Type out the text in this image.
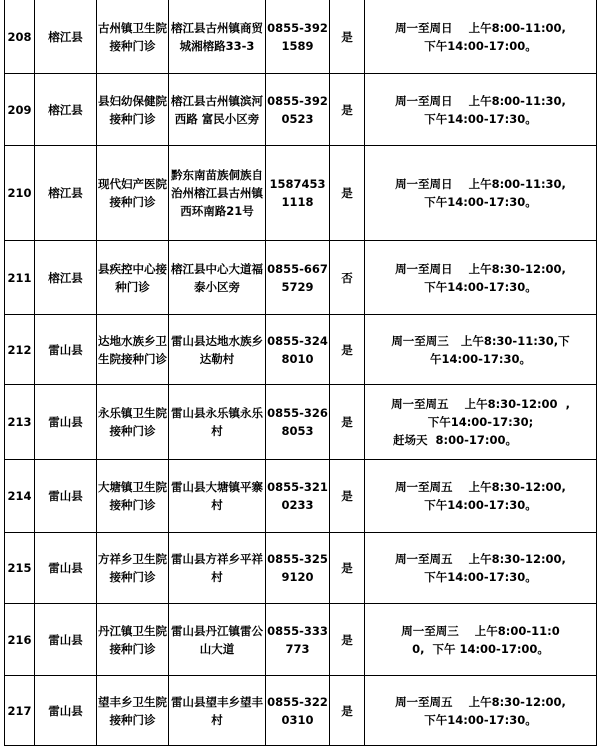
208	榕江县	古州镇卫生院接种门诊	榕江县古州镇商贸城湘榕路33-3	0855-3921589	是	周一至周日    上午8:00-11:00,
下午14:00-17:00。

209	榕江县	县妇幼保健院接种门诊	榕江县古州镇滨河西路 富民小区旁	0855-3920523	是	周一至周日    上午8:00-11:30,
下午14:00-17:30。

210	榕江县	现代妇产医院接种门诊	黔东南苗族侗族自治州榕江县古州镇西环南路21号	15874531118	是	周一至周日    上午8:00-11:30,
下午14:00-17:30。

211	榕江县	县疾控中心接种门诊	榕江县中心大道福泰小区旁	0855-6675729	否	周一至周日    上午8:30-12:00,
下午14:00-17:30。

212	雷山县	达地水族乡卫生院接种门诊	雷山县达地水族乡达勒村	0855-3248010	是	周一至周三   上午8:30-11:30,下
午14:00-17:30。

213	雷山县	永乐镇卫生院接种门诊	雷山县永乐镇永乐村	0855-3268053	是	周一至周五    上午8:30-12:00  ,
下午14:00-17:30;
赶场天  8:00-17:00。

214	雷山县	大塘镇卫生院接种门诊	雷山县大塘镇平寨村	0855-3210233	是	周一至周五    上午8:30-12:00,
下午14:00-17:30。

215	雷山县	方祥乡卫生院接种门诊	雷山县方祥乡平祥村	0855-3259120	是	周一至周五    上午8:30-12:00,
下午14:00-17:30。

216	雷山县	丹江镇卫生院接种门诊	雷山县丹江镇雷公山大道	0855-333773	是	周一至周三    上午8:00-11:0
0,  下午 14:00-17:00。

217	雷山县	望丰乡卫生院接种门诊	雷山县望丰乡望丰村	0855-3220310	是	周一至周五    上午8:30-12:00,
下午14:00-17:30。
